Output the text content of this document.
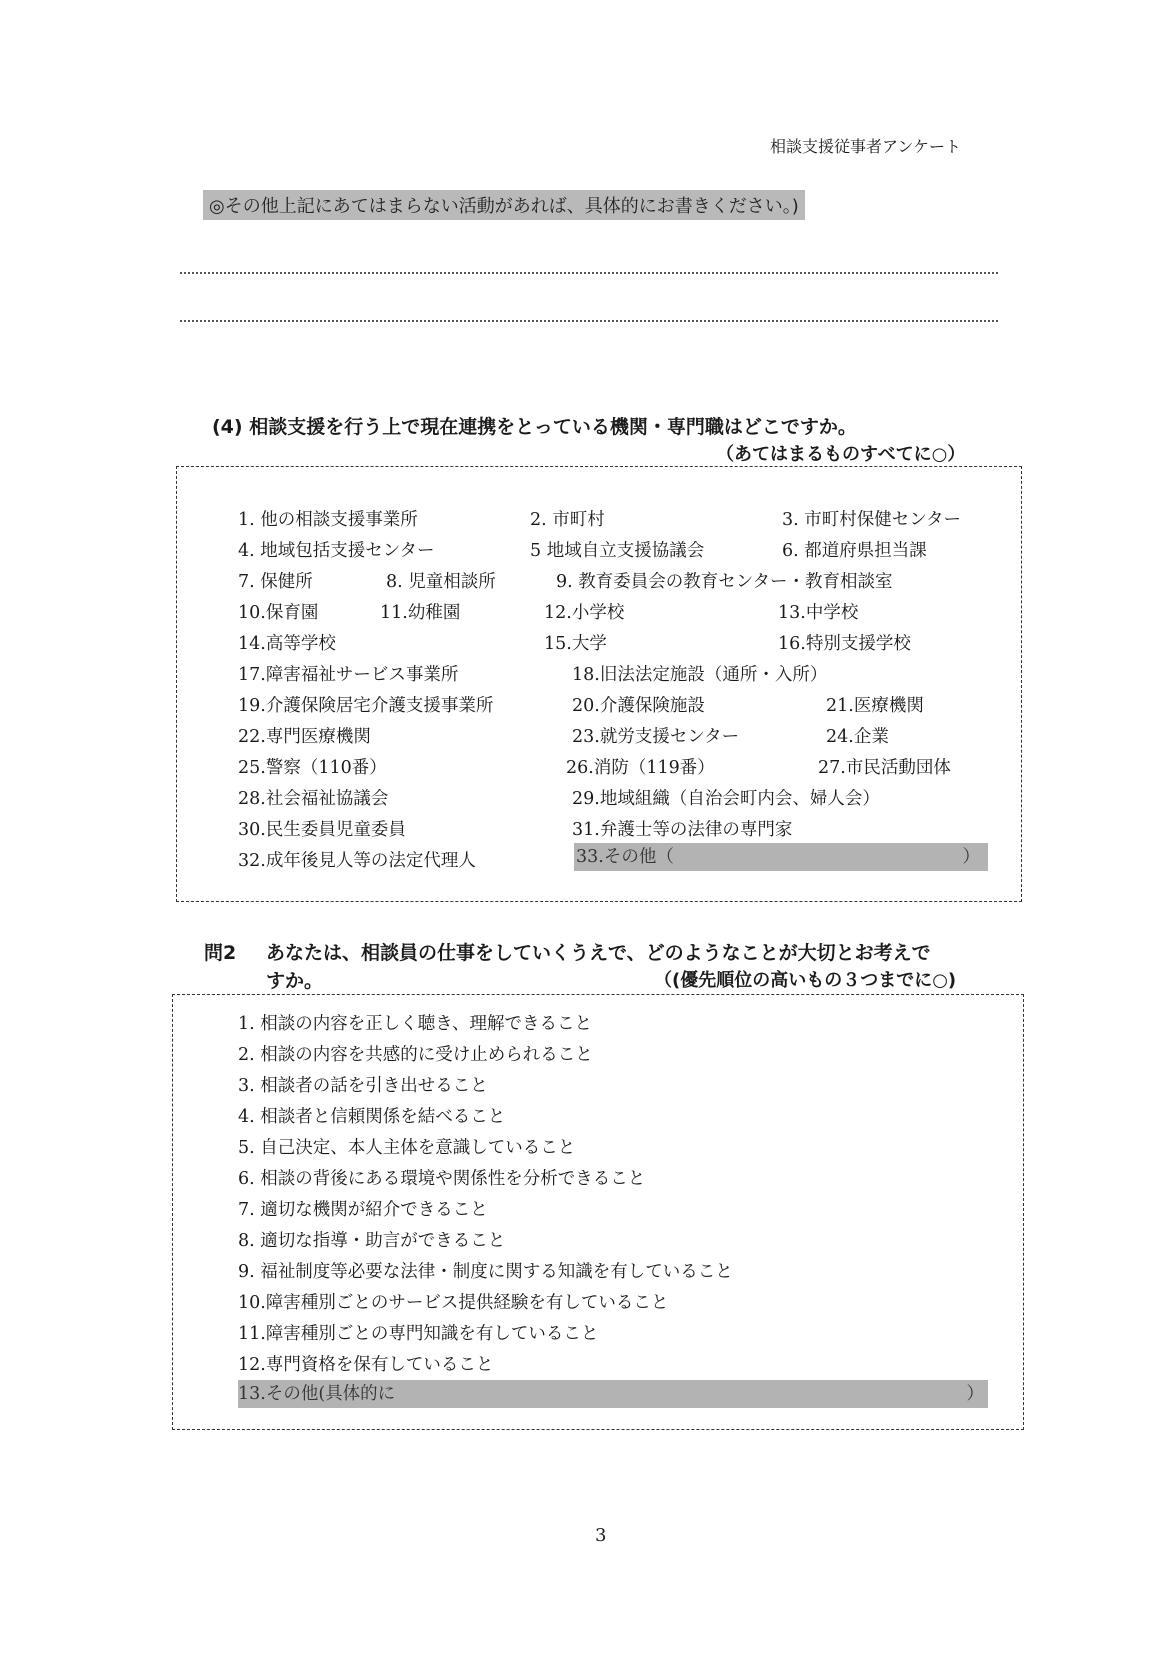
相談支援従事者アンケート
◎その他上記にあてはまらない活動があれば、具体的にお書きください。)
(4) 相談支援を行う上で現在連携をとっている機関・専門職はどこですか。
（あてはまるものすべてに○）
1. 他の相談支援事業所	2. 市町村	3. 市町村保健センター
4. 地域包括支援センター	5 地域自立支援協議会	6. 都道府県担当課
7. 保健所	8. 児童相談所	9. 教育委員会の教育センター・教育相談室
10.保育園	11.幼稚園	12.小学校	13.中学校
14.高等学校	15.大学	16.特別支援学校
17.障害福祉サービス事業所	18.旧法法定施設（通所・入所）
19.介護保険居宅介護支援事業所	20.介護保険施設	21.医療機関
22.専門医療機関	23.就労支援センター	24.企業
25.警察（110番）	26.消防（119番）	27.市民活動団体
28.社会福祉協議会	29.地域組織（自治会町内会、婦人会）
30.民生委員児童委員	31.弁護士等の法律の専門家
32.成年後見人等の法定代理人	33.その他（	）
問2 あなたは、相談員の仕事をしていくうえで、どのようなことが大切とお考えで
すか。	（(優先順位の高いもの３つまでに○)
1. 相談の内容を正しく聴き、理解できること
2. 相談の内容を共感的に受け止められること
3. 相談者の話を引き出せること
4. 相談者と信頼関係を結べること
5. 自己決定、本人主体を意識していること
6. 相談の背後にある環境や関係性を分析できること
7. 適切な機関が紹介できること
8. 適切な指導・助言ができること
9. 福祉制度等必要な法律・制度に関する知識を有していること
10.障害種別ごとのサービス提供経験を有していること
11.障害種別ごとの専門知識を有していること
12.専門資格を保有していること
13.その他(具体的に	）
3
